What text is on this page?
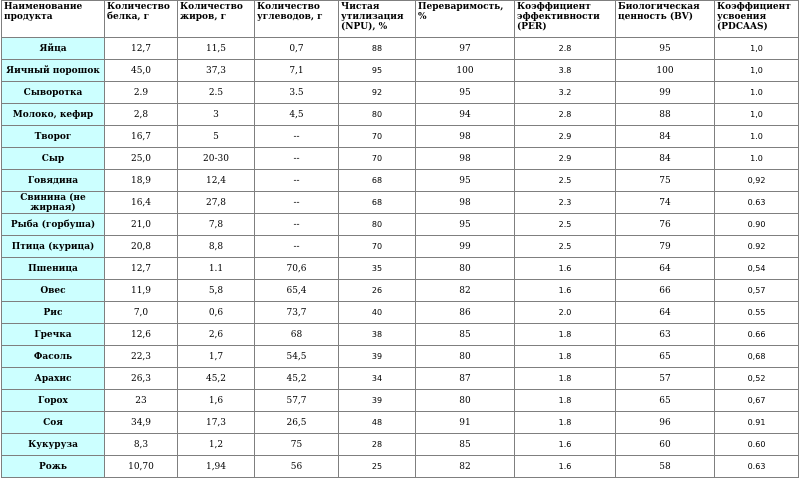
Наименование продукта	Количество белка, г	Количество жиров, г	Количество углеводов, г	Чистая утилизация (NPU), %	Переваримость, %	Коэффициент эффективности (PER)	Биологическая ценность (BV)	Коэффициент усвоения (PDCAAS)
Яйца	12,7	11,5	0,7	88	97	2.8	95	1,0
Яичный порошок	45,0	37,3	7,1	95	100	3.8	100	1,0
Сыворотка	2.9	2.5	3.5	92	95	3.2	99	1.0
Молоко, кефир	2,8	3	4,5	80	94	2.8	88	1,0
Творог	16,7	5	--	70	98	2.9	84	1.0
Сыр	25,0	20-30	--	70	98	2.9	84	1.0
Говядина	18,9	12,4	--	68	95	2.5	75	0,92
Свинина (не жирная)	16,4	27,8	--	68	98	2.3	74	0.63
Рыба (горбуша)	21,0	7,8	--	80	95	2.5	76	0.90
Птица (курица)	20,8	8,8	--	70	99	2.5	79	0.92
Пшеница	12,7	1.1	70,6	35	80	1.6	64	0,54
Овес	11,9	5,8	65,4	26	82	1.6	66	0,57
Рис	7,0	0,6	73,7	40	86	2.0	64	0.55
Гречка	12,6	2,6	68	38	85	1.8	63	0.66
Фасоль	22,3	1,7	54,5	39	80	1.8	65	0,68
Арахис	26,3	45,2	45,2	34	87	1.8	57	0,52
Горох	23	1,6	57,7	39	80	1.8	65	0,67
Соя	34,9	17,3	26,5	48	91	1.8	96	0.91
Кукуруза	8,3	1,2	75	28	85	1.6	60	0.60
Рожь	10,70	1,94	56	25	82	1.6	58	0.63
